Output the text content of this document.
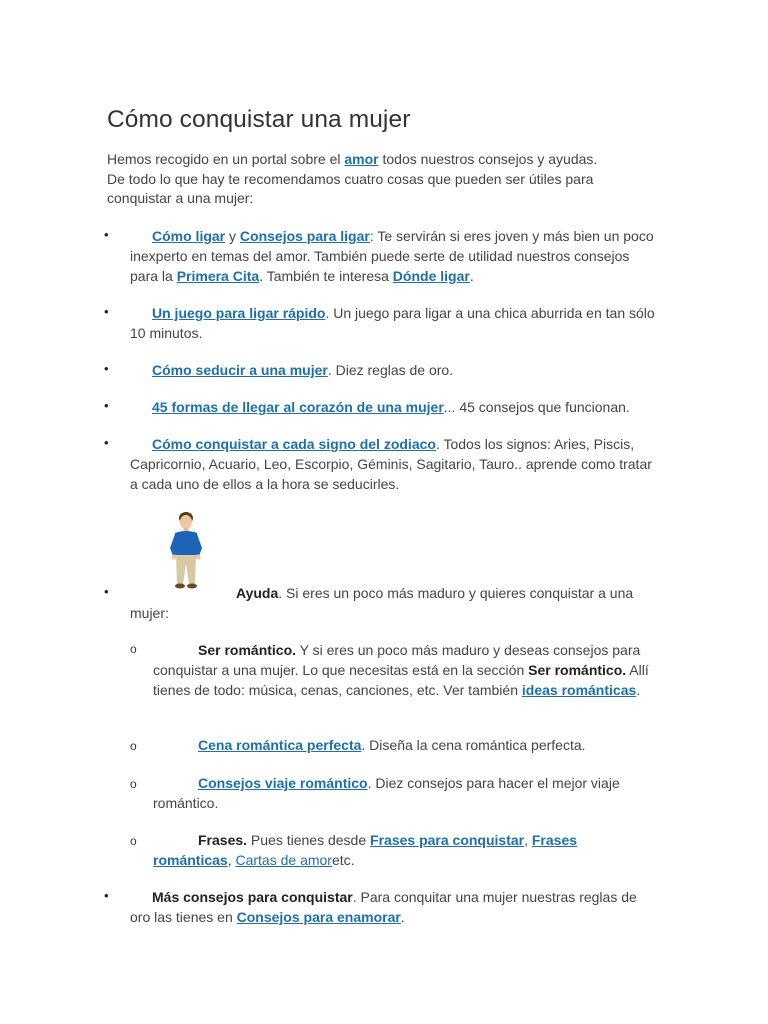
Cómo conquistar una mujer
Hemos recogido en un portal sobre el amor todos nuestros consejos y ayudas.
De todo lo que hay te recomendamos cuatro cosas que pueden ser útiles para conquistar a una mujer:
•	Cómo ligar y Consejos para ligar: Te servirán si eres joven y más bien un poco inexperto en temas del amor. También puede serte de utilidad nuestros consejos para la Primera Cita. También te interesa Dónde ligar.
•	Un juego para ligar rápido. Un juego para ligar a una chica aburrida en tan sólo 10 minutos.
•	Cómo seducir a una mujer. Diez reglas de oro.
•	45 formas de llegar al corazón de una mujer... 45 consejos que funcionan.
•	Cómo conquistar a cada signo del zodiaco. Todos los signos: Aries, Piscis, Capricornio, Acuario, Leo, Escorpio, Géminis, Sagitario, Tauro.. aprende como tratar a cada uno de ellos a la hora se seducirles.
•	Ayuda. Si eres un poco más maduro y quieres conquistar a una mujer:
o	Ser romántico. Y si eres un poco más maduro y deseas consejos para conquistar a una mujer. Lo que necesitas está en la sección Ser romántico. Allí tienes de todo: música, cenas, canciones, etc. Ver también ideas románticas.
o	Cena romántica perfecta. Diseña la cena romántica perfecta.
o	Consejos viaje romántico. Diez consejos para hacer el mejor viaje romántico.
o	Frases. Pues tienes desde Frases para conquistar, Frases románticas, Cartas de amoretc.
•	Más consejos para conquistar. Para conquitar una mujer nuestras reglas de oro las tienes en Consejos para enamorar.
